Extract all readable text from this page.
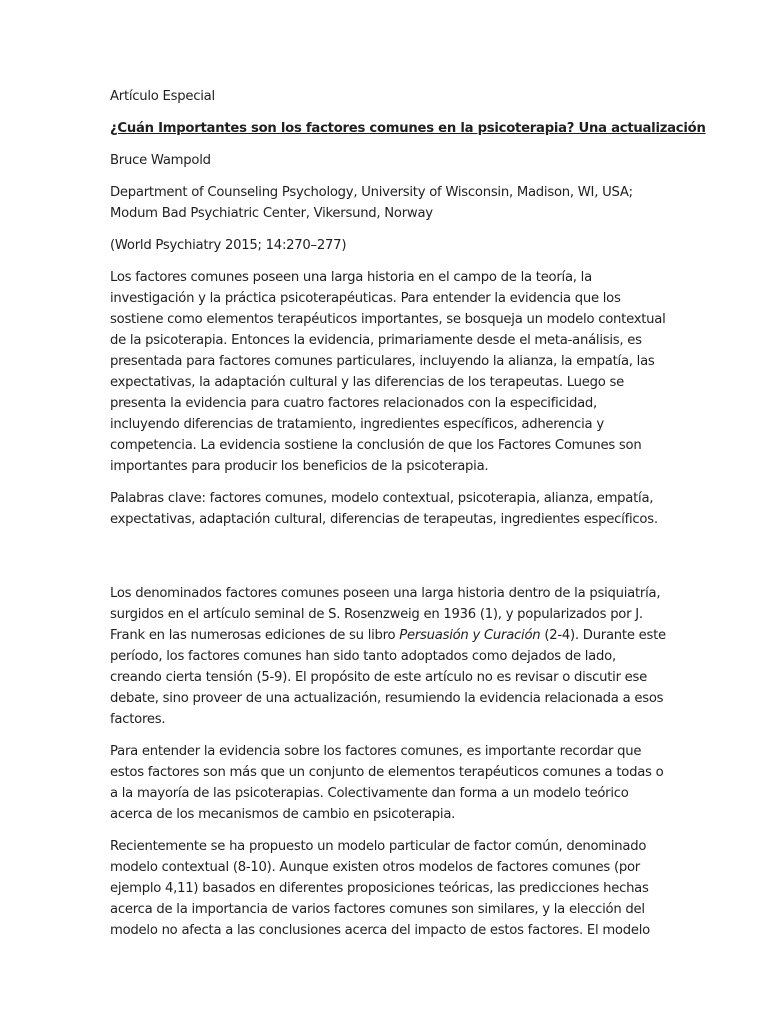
Artículo Especial

¿Cuán Importantes son los factores comunes en la psicoterapia? Una actualización

Bruce Wampold

Department of Counseling Psychology, University of Wisconsin, Madison, WI, USA;
Modum Bad Psychiatric Center, Vikersund, Norway

(World Psychiatry 2015; 14:270–277)

Los factores comunes poseen una larga historia en el campo de la teoría, la
investigación y la práctica psicoterapéuticas. Para entender la evidencia que los
sostiene como elementos terapéuticos importantes, se bosqueja un modelo contextual
de la psicoterapia. Entonces la evidencia, primariamente desde el meta-análisis, es
presentada para factores comunes particulares, incluyendo la alianza, la empatía, las
expectativas, la adaptación cultural y las diferencias de los terapeutas. Luego se
presenta la evidencia para cuatro factores relacionados con la especificidad,
incluyendo diferencias de tratamiento, ingredientes específicos, adherencia y
competencia. La evidencia sostiene la conclusión de que los Factores Comunes son
importantes para producir los beneficios de la psicoterapia.

Palabras clave: factores comunes, modelo contextual, psicoterapia, alianza, empatía,
expectativas, adaptación cultural, diferencias de terapeutas, ingredientes específicos.

Los denominados factores comunes poseen una larga historia dentro de la psiquiatría,
surgidos en el artículo seminal de S. Rosenzweig en 1936 (1), y popularizados por J.
Frank en las numerosas ediciones de su libro Persuasión y Curación (2-4). Durante este
período, los factores comunes han sido tanto adoptados como dejados de lado,
creando cierta tensión (5-9). El propósito de este artículo no es revisar o discutir ese
debate, sino proveer de una actualización, resumiendo la evidencia relacionada a esos
factores.

Para entender la evidencia sobre los factores comunes, es importante recordar que
estos factores son más que un conjunto de elementos terapéuticos comunes a todas o
a la mayoría de las psicoterapias. Colectivamente dan forma a un modelo teórico
acerca de los mecanismos de cambio en psicoterapia.

Recientemente se ha propuesto un modelo particular de factor común, denominado
modelo contextual (8-10). Aunque existen otros modelos de factores comunes (por
ejemplo 4,11) basados en diferentes proposiciones teóricas, las predicciones hechas
acerca de la importancia de varios factores comunes son similares, y la elección del
modelo no afecta a las conclusiones acerca del impacto de estos factores. El modelo
